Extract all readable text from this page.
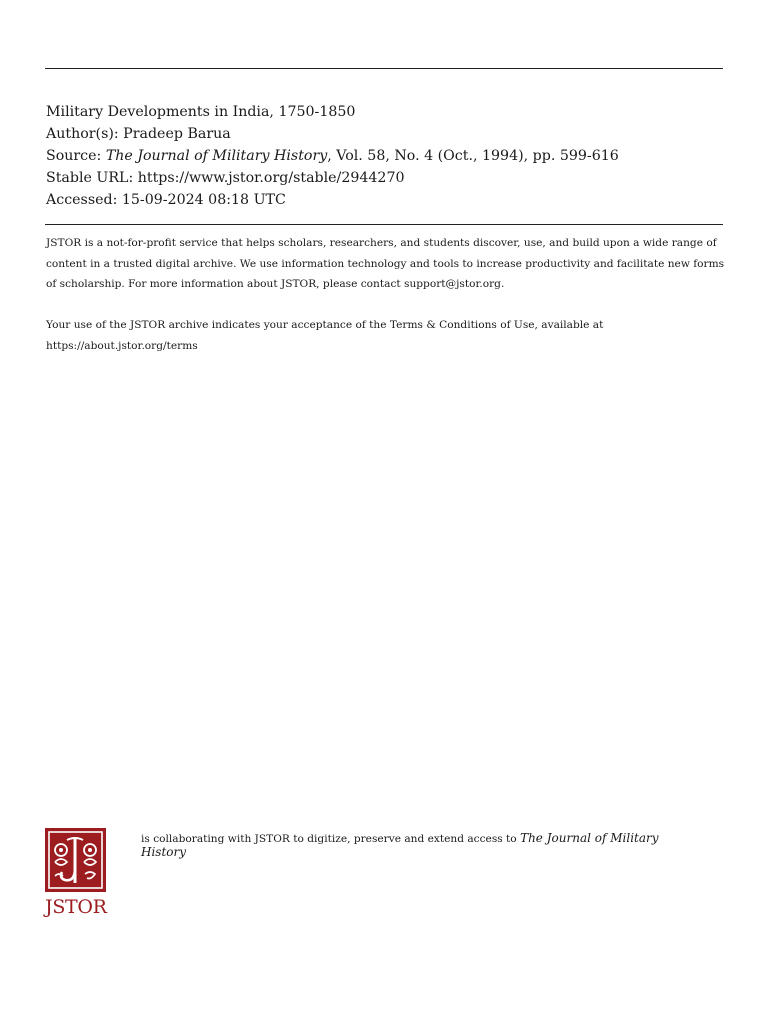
Military Developments in India, 1750-1850
Author(s): Pradeep Barua
Source: The Journal of Military History, Vol. 58, No. 4 (Oct., 1994), pp. 599-616
Stable URL: https://www.jstor.org/stable/2944270
Accessed: 15-09-2024 08:18 UTC

JSTOR is a not-for-profit service that helps scholars, researchers, and students discover, use, and build upon a wide range of content in a trusted digital archive. We use information technology and tools to increase productivity and facilitate new forms of scholarship. For more information about JSTOR, please contact support@jstor.org.

Your use of the JSTOR archive indicates your acceptance of the Terms & Conditions of Use, available at https://about.jstor.org/terms

JSTOR
is collaborating with JSTOR to digitize, preserve and extend access to The Journal of Military History
